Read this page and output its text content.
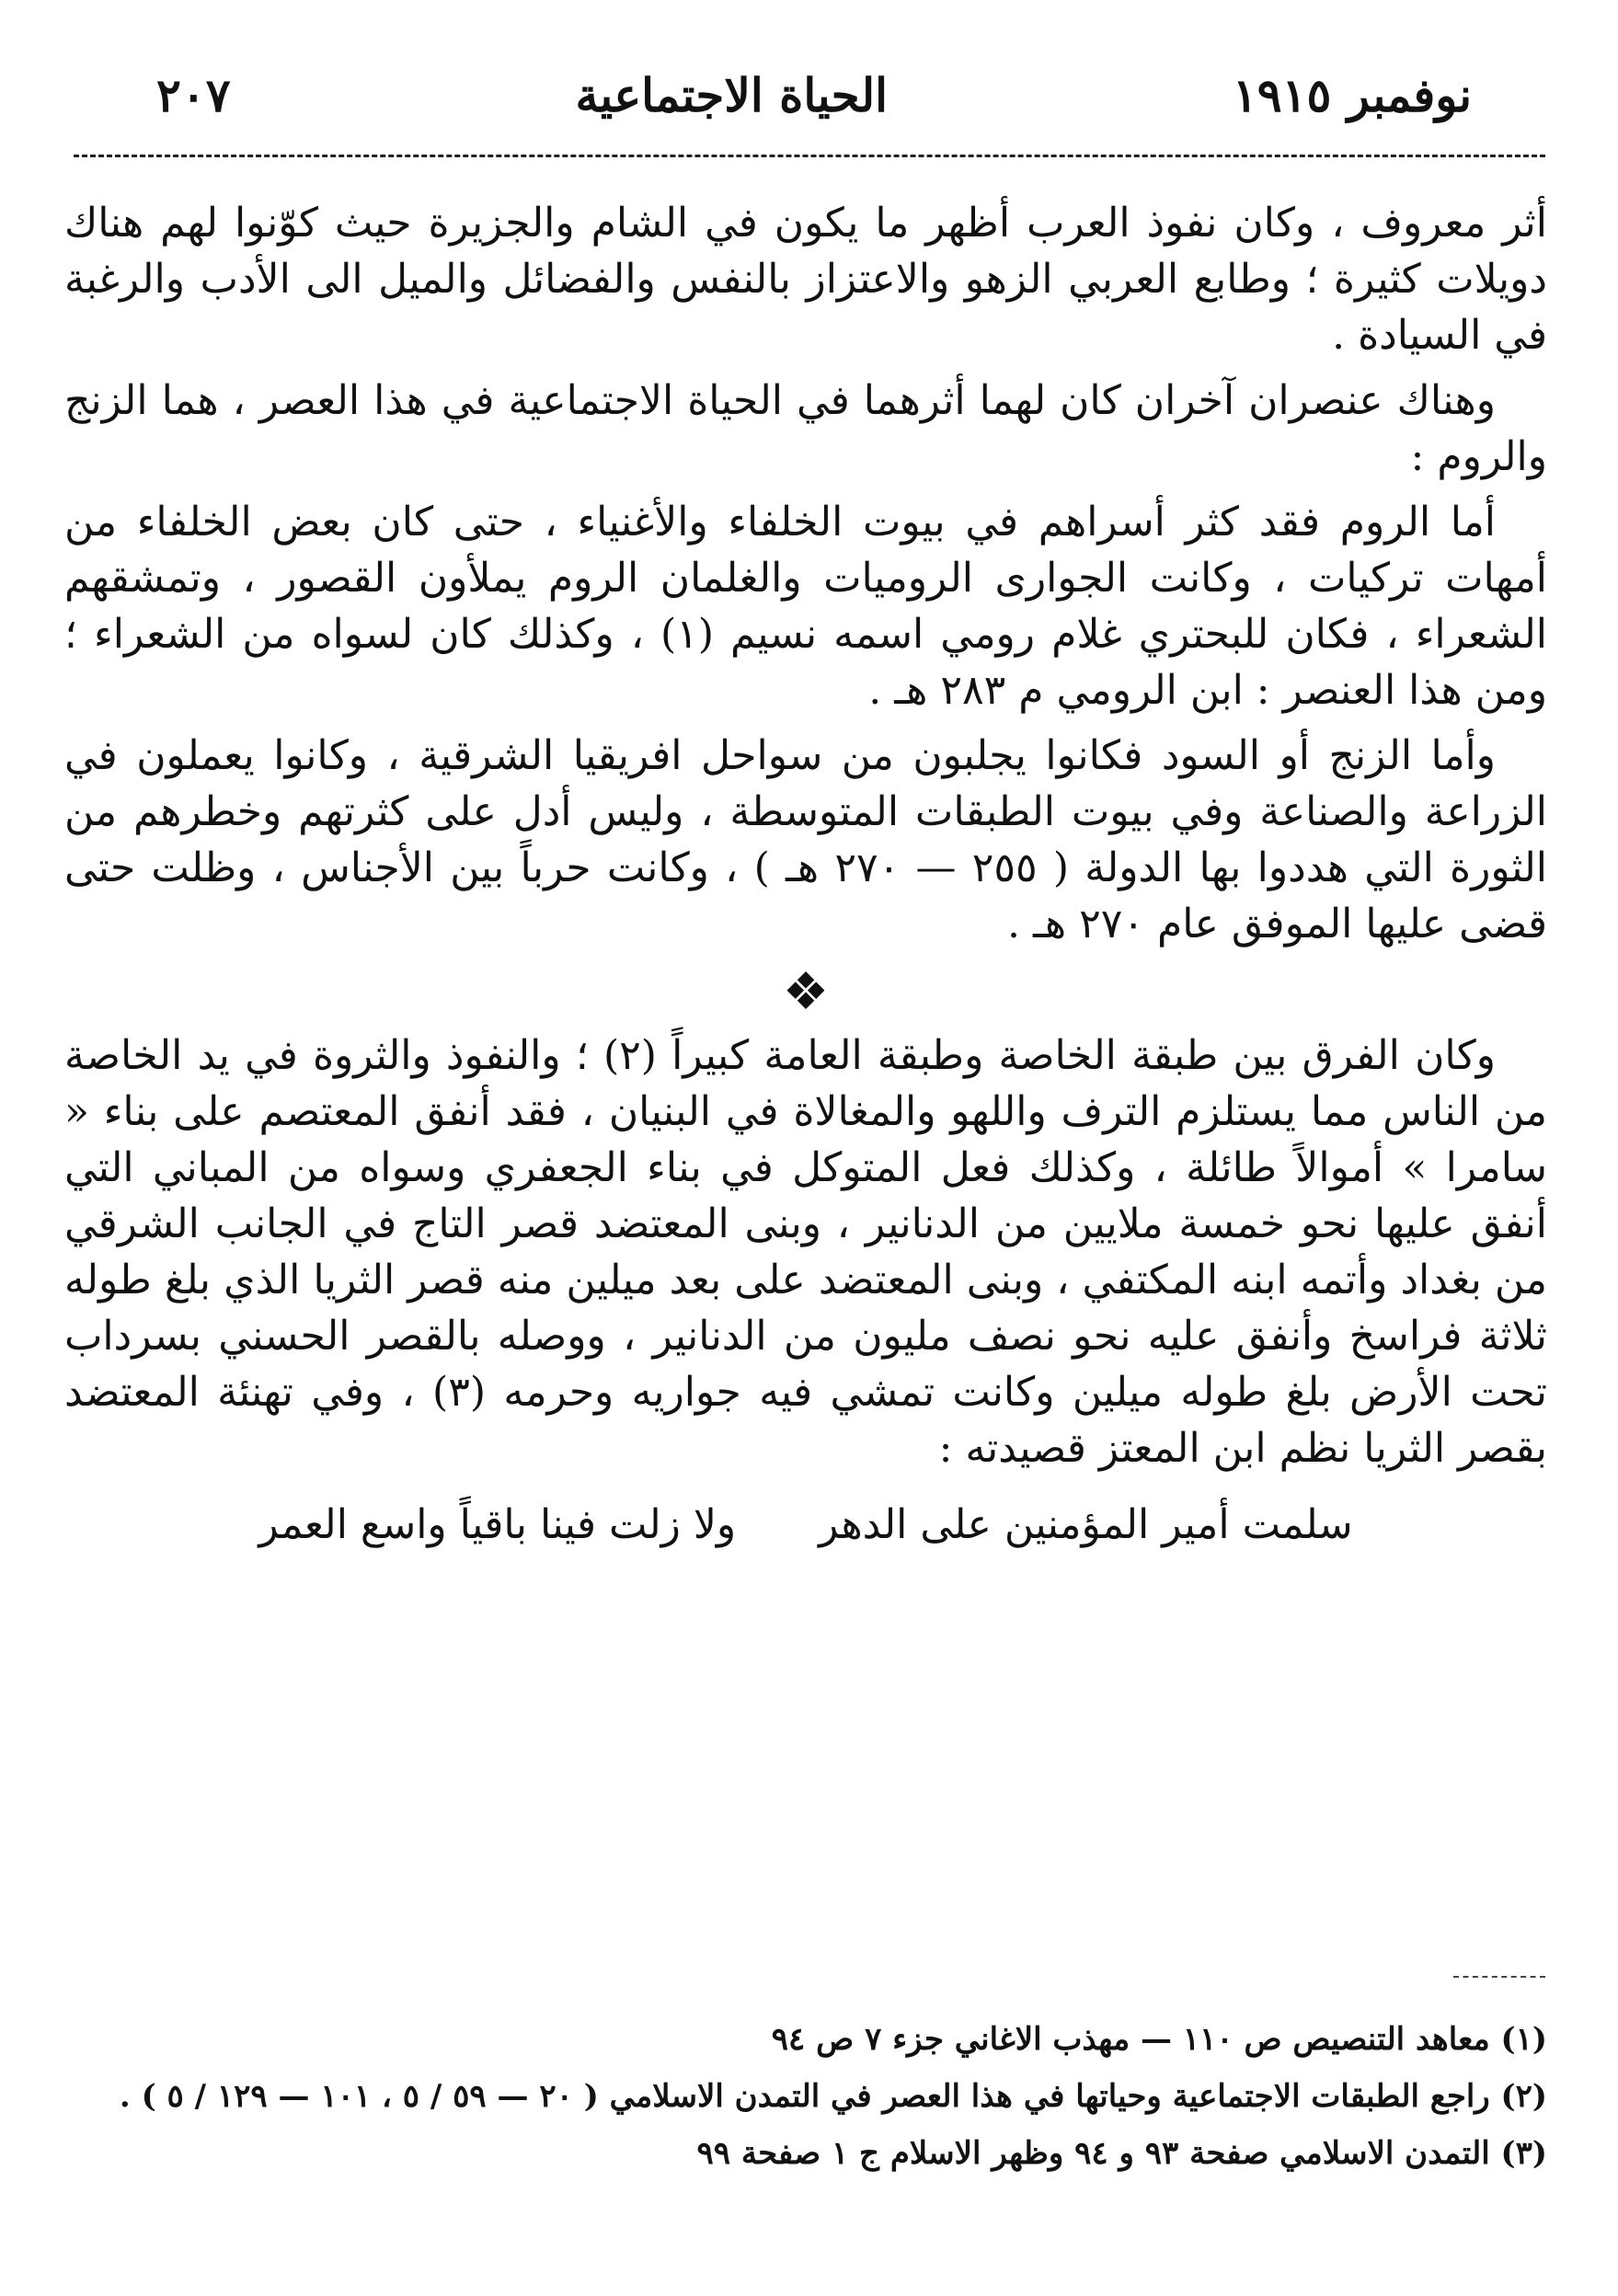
نوفمبر ١٩١٥
الحياة الاجتماعية
٢٠٧

أثر معروف ، وكان نفوذ العرب أظهر ما يكون في الشام والجزيرة حيث كوّنوا لهم هناك دويلات كثيرة ؛ وطابع العربي الزهو والاعتزاز بالنفس والفضائل والميل الى الأدب والرغبة في السيادة .

وهناك عنصران آخران كان لهما أثرهما في الحياة الاجتماعية في هذا العصر ، هما الزنج والروم :

أما الروم فقد كثر أسراهم في بيوت الخلفاء والأغنياء ، حتى كان بعض الخلفاء من أمهات تركيات ، وكانت الجوارى الروميات والغلمان الروم يملأون القصور ، وتمشقهم الشعراء ، فكان للبحتري غلام رومي اسمه نسيم (١) ، وكذلك كان لسواه من الشعراء ؛ ومن هذا العنصر : ابن الرومي م ٢٨٣ هـ .

وأما الزنج أو السود فكانوا يجلبون من سواحل افريقيا الشرقية ، وكانوا يعملون في الزراعة والصناعة وفي بيوت الطبقات المتوسطة ، وليس أدل على كثرتهم وخطرهم من الثورة التي هددوا بها الدولة ( ٢٥٥ — ٢٧٠ هـ ) ، وكانت حرباً بين الأجناس ، وظلت حتى قضى عليها الموفق عام ٢٧٠ هـ .

❖

وكان الفرق بين طبقة الخاصة وطبقة العامة كبيراً (٢) ؛ والنفوذ والثروة في يد الخاصة من الناس مما يستلزم الترف واللهو والمغالاة في البنيان ، فقد أنفق المعتصم على بناء « سامرا » أموالاً طائلة ، وكذلك فعل المتوكل في بناء الجعفري وسواه من المباني التي أنفق عليها نحو خمسة ملايين من الدنانير ، وبنى المعتضد قصر التاج في الجانب الشرقي من بغداد وأتمه ابنه المكتفي ، وبنى المعتضد على بعد ميلين منه قصر الثريا الذي بلغ طوله ثلاثة فراسخ وأنفق عليه نحو نصف مليون من الدنانير ، ووصله بالقصر الحسني بسرداب تحت الأرض بلغ طوله ميلين وكانت تمشي فيه جواريه وحرمه (٣) ، وفي تهنئة المعتضد بقصر الثريا نظم ابن المعتز قصيدته :

سلمت أمير المؤمنين على الدهر
ولا زلت فينا باقياً واسع العمر
(١) معاهد التنصيص ص ١١٠ — مهذب الاغاني جزء ٧ ص ٩٤
(٢) راجع الطبقات الاجتماعية وحياتها في هذا العصر في التمدن الاسلامي ( ٢٠ — ٥٩ / ٥ ، ١٠١ — ١٢٩ / ٥ ) .
(٣) التمدن الاسلامي صفحة ٩٣ و ٩٤ وظهر الاسلام ج ١ صفحة ٩٩
